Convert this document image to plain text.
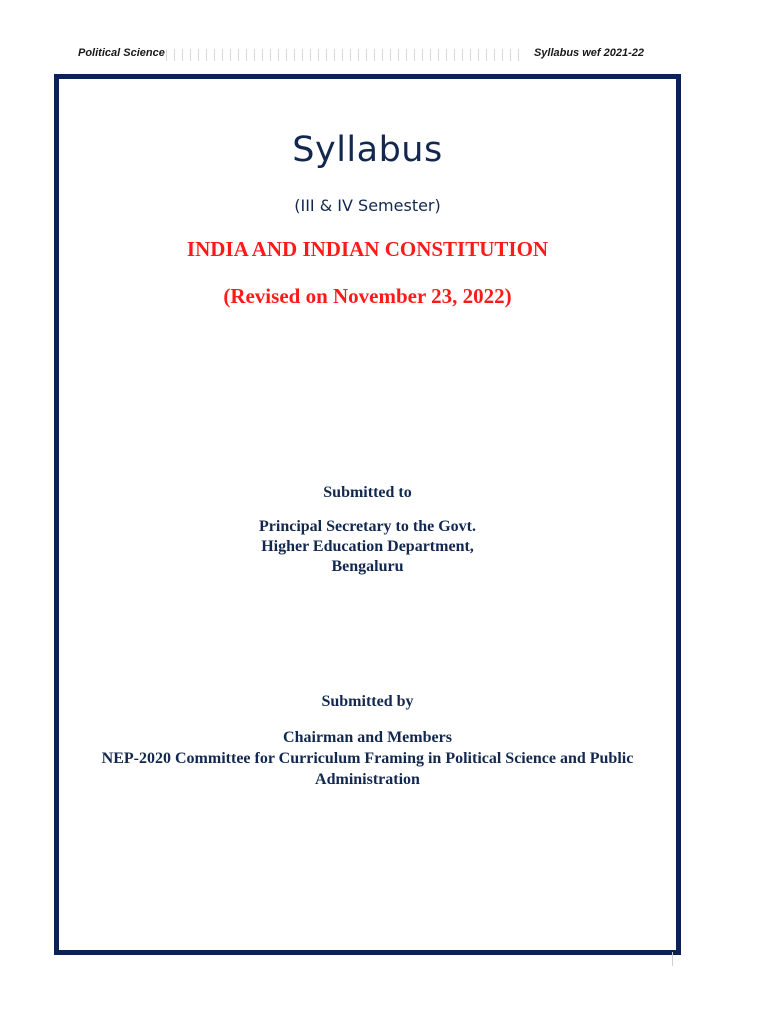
Political Science	Syllabus wef 2021-22
Syllabus
(III & IV Semester)
INDIA AND INDIAN CONSTITUTION
(Revised on November 23, 2022)
Submitted to
Principal Secretary to the Govt.
Higher Education Department,
Bengaluru
Submitted by
Chairman and Members
NEP-2020 Committee for Curriculum Framing in Political Science and Public
Administration
